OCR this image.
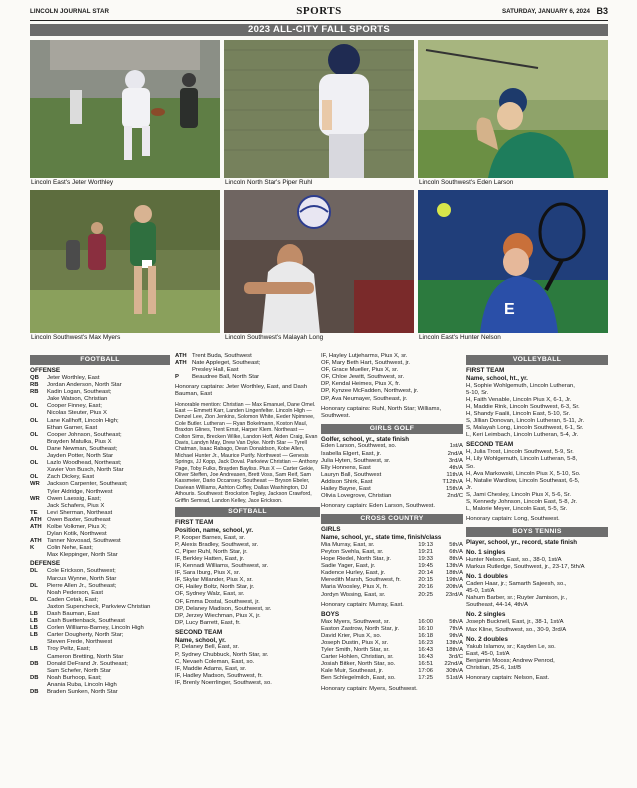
LINCOLN JOURNAL STAR	SPORTS	SATURDAY, JANUARY 6, 2024 B3
2023 ALL-CITY FALL SPORTS
Lincoln East's Jeter Worthley	Lincoln North Star's Piper Ruhl	Lincoln Southwest's Eden Larson
Lincoln Southwest's Max Myers	Lincoln Southwest's Malayah Long
E
Lincoln East's Hunter Nelson
FOOTBALL
OFFENSE
QB	Jeter Worthley, East
RB	Jordan Anderson, North Star
RB	Kadin Logan, Southeast;
Jake Watson, Christian
OL	Cooper Finney, East;
Nicolas Steuter, Pius X
OL	Lane Kallhoff, Lincoln High;
Ethan Garner, East
OL	Cooper Johnson, Southeast;
Brayden Matulka, Pius X
OL	Dane Newman, Southeast;
Jayden Potter, North Star
OL	Lazlo Woodhead, Northeast;
Xavier Von Busch, North Star
OL	Zach Dickey, East
WR	Jackson Carpenter, Southeast;
Tyler Aldridge, Northwest
WR	Owen Laessig, East;
Jack Schafers, Pius X
TE	Levi Sherman, Northeast
ATH Owen Baxter, Southeast
ATH Kolbe Volkmer, Pius X;
Dylan Kotik, Northwest
ATH Tanner Novosad, Southwest
K	Colin Nehe, East;
Max Kleppinger, North Star
DEFENSE
DL	Cole Erickson, Southwest;
Marcus Wynne, North Star
DL	Pierre Allen Jr., Southeast;
Noah Pederson, East
DL	Caden Cetak, East;
Jaxton Supencheck, Parkview Christian
LB	Dash Bauman, East
LB	Cash Buettenback, Southeast
LB	Corlen Williams-Barney, Lincoln High
LB	Carter Dougherty, North Star;
Steven Frede, Northwest
LB	Troy Peltz, East;
Cameron Bretting, North Star
DB	Donald DeFrand Jr. Southeast;
Sam Schefer, North Star
DB	Noah Burhoop, East;
Anania Ruba, Lincoln High
DB	Braden Sunken, North Star
ATH Trent Buda, Southwest
ATH Nate Appleget, Southeast;
Presley Hall, East
P	Beaudree Ball, North Star
Honorary captains: Jeter Worthley, East, and Dash Bauman, East
Honorable mention: Christian — Max Emanuel, Dane Omel. East — Emmett Karr, Landen Lingenfelter. Lincoln High — Denzel Lee, Zion Jenkins, Solomon White, Eeder Npimnee, Cole Butler. Lutheran — Ryan Bokelmann, Koston Maul, Braxton Glines, Trent Ernst, Harper Klem. Northeast — Colton Sims, Brecken Wilke, Landon Hoff, Aiden Craig, Evan Davis, Landyn May, Drew Van Dyke. North Star — Tyrell Chatman, Isaac Rabago, Dean Donaldson, Kobe Allen, Michael Hunter Jr., Maurice Purify. Northwest — Genesis Springs, JJ Kopp, Jack Doval. Parkview Christian — Anthony Page, Toby Fulks, Brayden Bayliss. Pius X — Carter Gekie, Oliver Steffen, Joe Andreasen, Brett Voss, Sam Reif, Sam Kassmeier, Dario Occansey. Southeast — Bryson Ebeler, Daviean Williams, Ashton Coffey, Dallas Washington, DJ Athouris. Southwest: Brockston Tegley, Jackson Crawford, Griffin Semrad, Landon Kelley, Jace Erickson.
SOFTBALL
FIRST TEAM
Position, name, school, yr.
P, Kooper Barnes, East, sr.
P, Alexis Bradley, Southwest, sr.
C, Piper Ruhl, North Star, jr.
IF, Berkley Hatten, East, jr.
IF, Kennadi Williams, Southwest, sr.
IF, Sara Iburg, Pius X, sr.
IF, Skylar Milander, Pius X, sr.
OF, Hailey Boltz, North Star, jr.
OF, Sydney Walz, East, sr.
OF, Emma Dostal, Southwest, jr.
DP, Delaney Madison, Southwest, sr.
DP, Jerzey Wiechman, Pius X, jr.
DP, Lucy Barrett, East, fr.
SECOND TEAM
Name, school, yr.
P, Delaney Bell, East, sr.
P, Sydney Chubbuck, North Star, sr.
C, Nevaeh Coleman, East, so.
IF, Maddie Adams, East, sr.
IF, Hadley Madson, Southwest, fr.
IF, Brenly Noerrlinger, Southwest, so.
IF, Hayley Lutjeharms, Pius X, sr.
OF, Mary Beth Hart, Southwest, jr.
OF, Grace Mueller, Pius X, sr.
OF, Chloe Jewitt, Southwest, sr.
DP, Kendal Heimes, Pius X, fr.
DP, Kynzee McFadden, Northwest, jr.
DP, Ava Neumayer, Southeast, jr.
Honorary captains: Ruhl, North Star; Williams, Southwest.
GIRLS GOLF
Golfer, school, yr., state finish
Eden Larson, Southwest, so.	1st/A
Isabella Elgert, East, jr.	2nd/A
Julia Hyten, Southwest, sr.	3rd/A
Elly Honnens, East	4th/A
Lauryn Ball, Southwest	11th/A
Addison Shirk, East	T12th/A
Hailey Bayne, East	15th/A
Olivia Lovegrove, Christian	2nd/C
Honorary captain: Eden Larson, Southwest.
CROSS COUNTRY
GIRLS
Name, school, yr., state time, finish/class
Mia Murray, East, sr.	19:13	5th/A
Peyton Svehla, East, sr.	19:21	6th/A
Hope Riedel, North Star, jr.	19:33	8th/A
Sadie Yager, East, jr.	19:45	13th/A
Kadence Hurley, East, jr.	20:14	18th/A
Meredith Marsh, Southwest, fr.	20:15	19th/A
Maria Woosley, Pius X, fr.	20:16	20th/A
Jordyn Wissing, East, sr.	20:25	23rd/A
Honorary captain: Murray, East.
BOYS
Max Myers, Southwest, sr.	16:00	5th/A
Easton Zastrow, North Star, jr.	16:10	7th/A
David Krier, Pius X, so.	16:18	9th/A
Joseph Dustin, Pius X, sr.	16:23	13th/A
Tyler Smith, North Star, sr.	16:43	18th/A
Carter Hohlen, Christian, sr.	16:43	3rd/C
Josiah Bitker, North Star, so.	16:51	22nd/A
Kale Muir, Southeast, jr.	17:06	30th/A
Ben Schlegelmilch, East, so.	17:25	51st/A
Honorary captain: Myers, Southwest.
VOLLEYBALL
FIRST TEAM
Name, school, ht., yr.
H, Sophie Wohlgemuth, Lincoln Lutheran,
5-10, Sr.
H, Faith Venable, Lincoln Pius X, 6-1, Jr.
H, Maddie Rink, Lincoln Southwest, 6-3, Sr.
H, Shandy Faalii, Lincoln East, 5-10, Sr.
S, Jillian Donovan, Lincoln Lutheran, 5-11, Jr.
S, Malayah Long, Lincoln Southwest, 6-1, Sr.
L, Keri Leimbach, Lincoln Lutheran, 5-4, Jr.
SECOND TEAM
H, Julia Trost, Lincoln Southwest, 5-9, Sr.
H, Lily Wohlgemuth, Lincoln Lutheran, 5-8,
So.
H, Ava Markowski, Lincoln Pius X, 5-10, So.
H, Natalie Wardlow, Lincoln Southeast, 6-5,
Jr.
S, Jami Chesley, Lincoln Pius X, 5-6, Sr.
S, Kennedy Johnson, Lincoln East, 5-8, Jr.
L, Malorie Meyer, Lincoln East, 5-5, Sr.
Honorary captain: Long, Southwest.
BOYS TENNIS
Player, school, yr., record, state finish
No. 1 singles
Hunter Nelson, East, so., 38-0, 1st/A
Markus Rutledge, Southwest, jr., 23-17, 5th/A
No. 1 doubles
Caden Haar, jr.; Samarth Sajeesh, so.,
45-0, 1st/A
Nahum Barber, sr.; Ruyter Jamison, jr.,
Southeast, 44-14, 4th/A
No. 2 singles
Joseph Bucknell, East, jr., 38-1, 1st/A
Max Kline, Southwest, so., 30-9, 3rd/A
No. 2 doubles
Yakub Islamov, sr.; Kayden Le, so.
East, 45-0, 1st/A
Benjamin Mooss; Andrew Penrod,
Christian, 25-6, 1st/B
Honorary captain: Nelson, East.
